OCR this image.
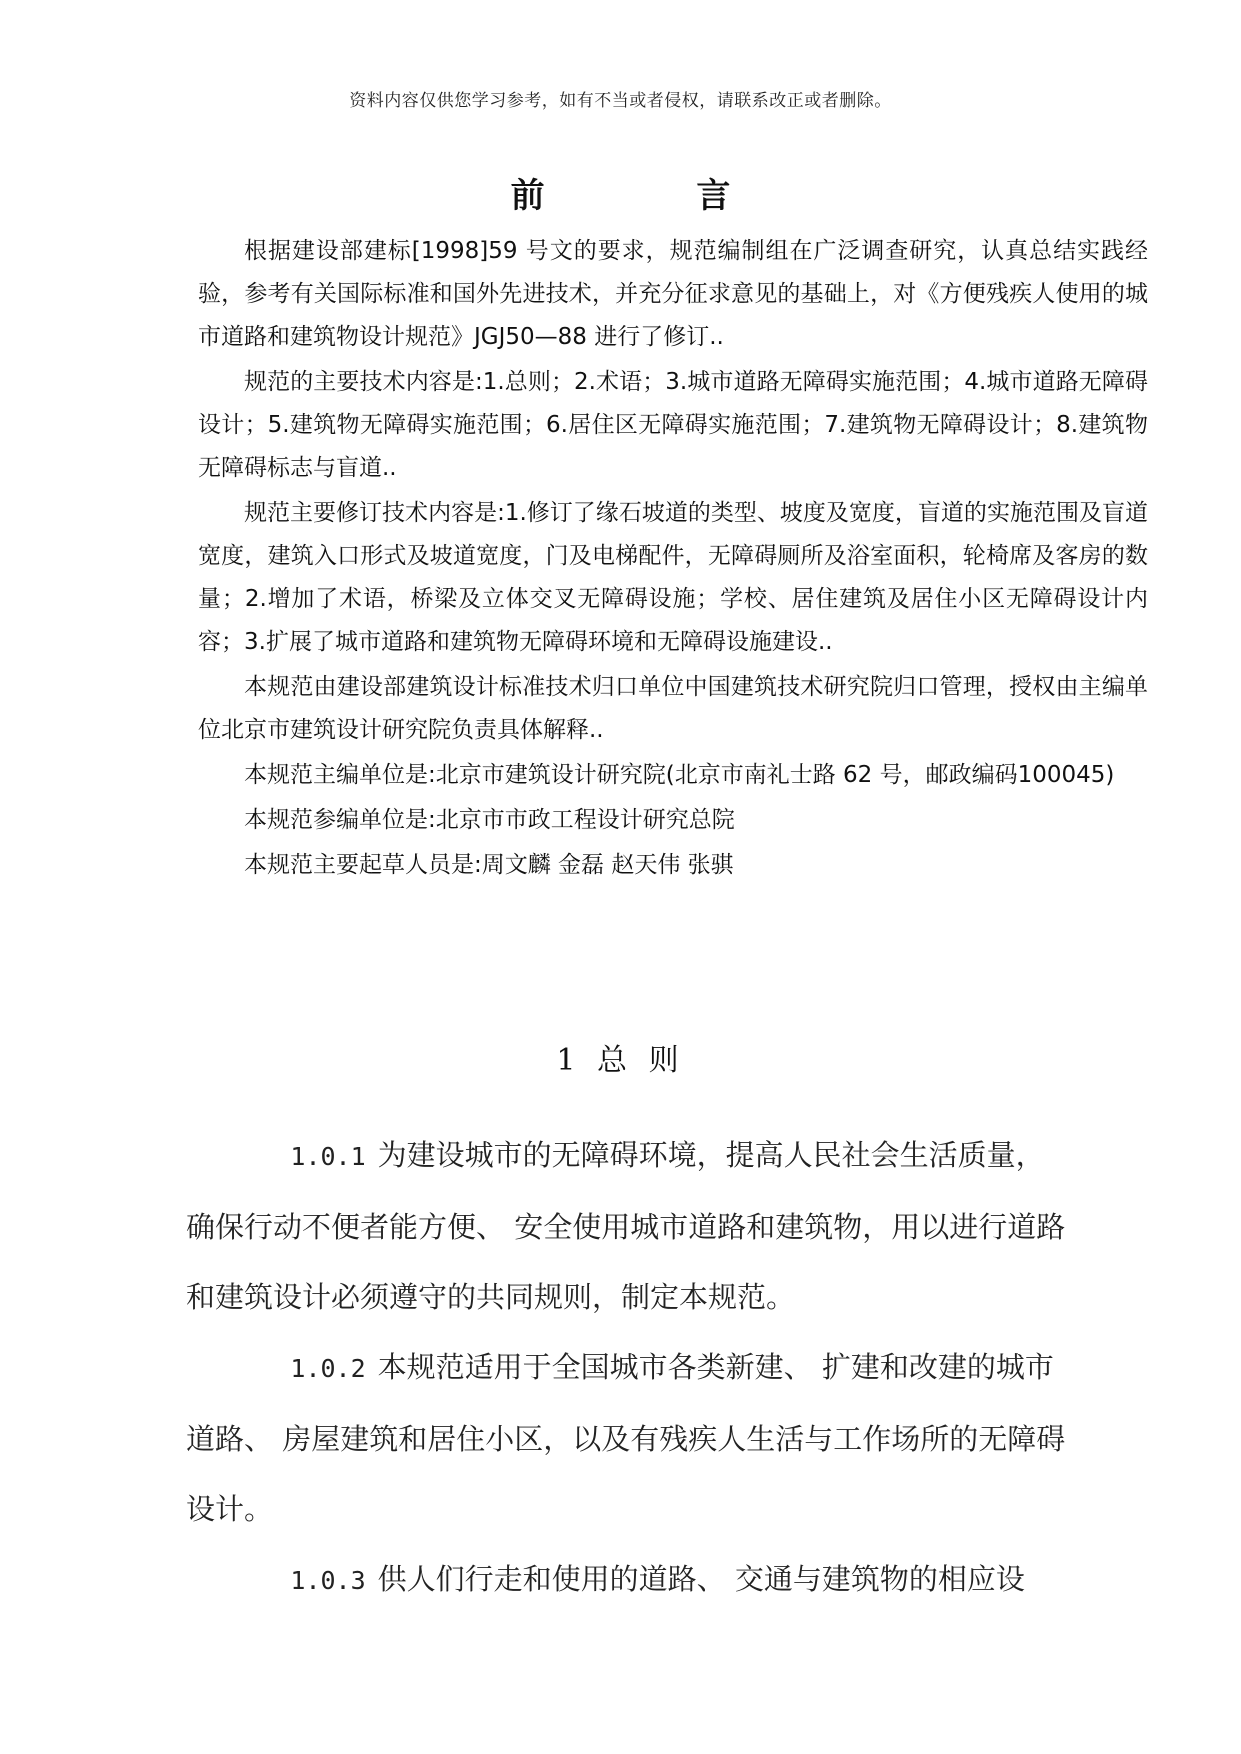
资料内容仅供您学习参考，如有不当或者侵权，请联系改正或者删除。
前 言

根据建设部建标[1998]59 号文的要求，规范编制组在广泛调查研究，认真总结实践经验，参考有关国际标准和国外先进技术，并充分征求意见的基础上，对《方便残疾人使用的城市道路和建筑物设计规范》JGJ50—88 进行了修订..

规范的主要技术内容是:1.总则；2.术语；3.城市道路无障碍实施范围；4.城市道路无障碍设计；5.建筑物无障碍实施范围；6.居住区无障碍实施范围；7.建筑物无障碍设计；8.建筑物无障碍标志与盲道..

规范主要修订技术内容是:1.修订了缘石坡道的类型、坡度及宽度，盲道的实施范围及盲道宽度，建筑入口形式及坡道宽度，门及电梯配件，无障碍厕所及浴室面积，轮椅席及客房的数量；2.增加了术语，桥梁及立体交叉无障碍设施；学校、居住建筑及居住小区无障碍设计内容；3.扩展了城市道路和建筑物无障碍环境和无障碍设施建设..

本规范由建设部建筑设计标准技术归口单位中国建筑技术研究院归口管理，授权由主编单位北京市建筑设计研究院负责具体解释..

本规范主编单位是:北京市建筑设计研究院(北京市南礼士路 62 号，邮政编码100045)

本规范参编单位是:北京市市政工程设计研究总院

本规范主要起草人员是:周文麟 金磊 赵天伟 张骐

1 总 则

1.0.1 为建设城市的无障碍环境，提高人民社会生活质量，确保行动不便者能方便、 安全使用城市道路和建筑物，用以进行道路和建筑设计必须遵守的共同规则，制定本规范。

1.0.2 本规范适用于全国城市各类新建、 扩建和改建的城市道路、 房屋建筑和居住小区，以及有残疾人生活与工作场所的无障碍设计。

1.0.3 供人们行走和使用的道路、 交通与建筑物的相应设
